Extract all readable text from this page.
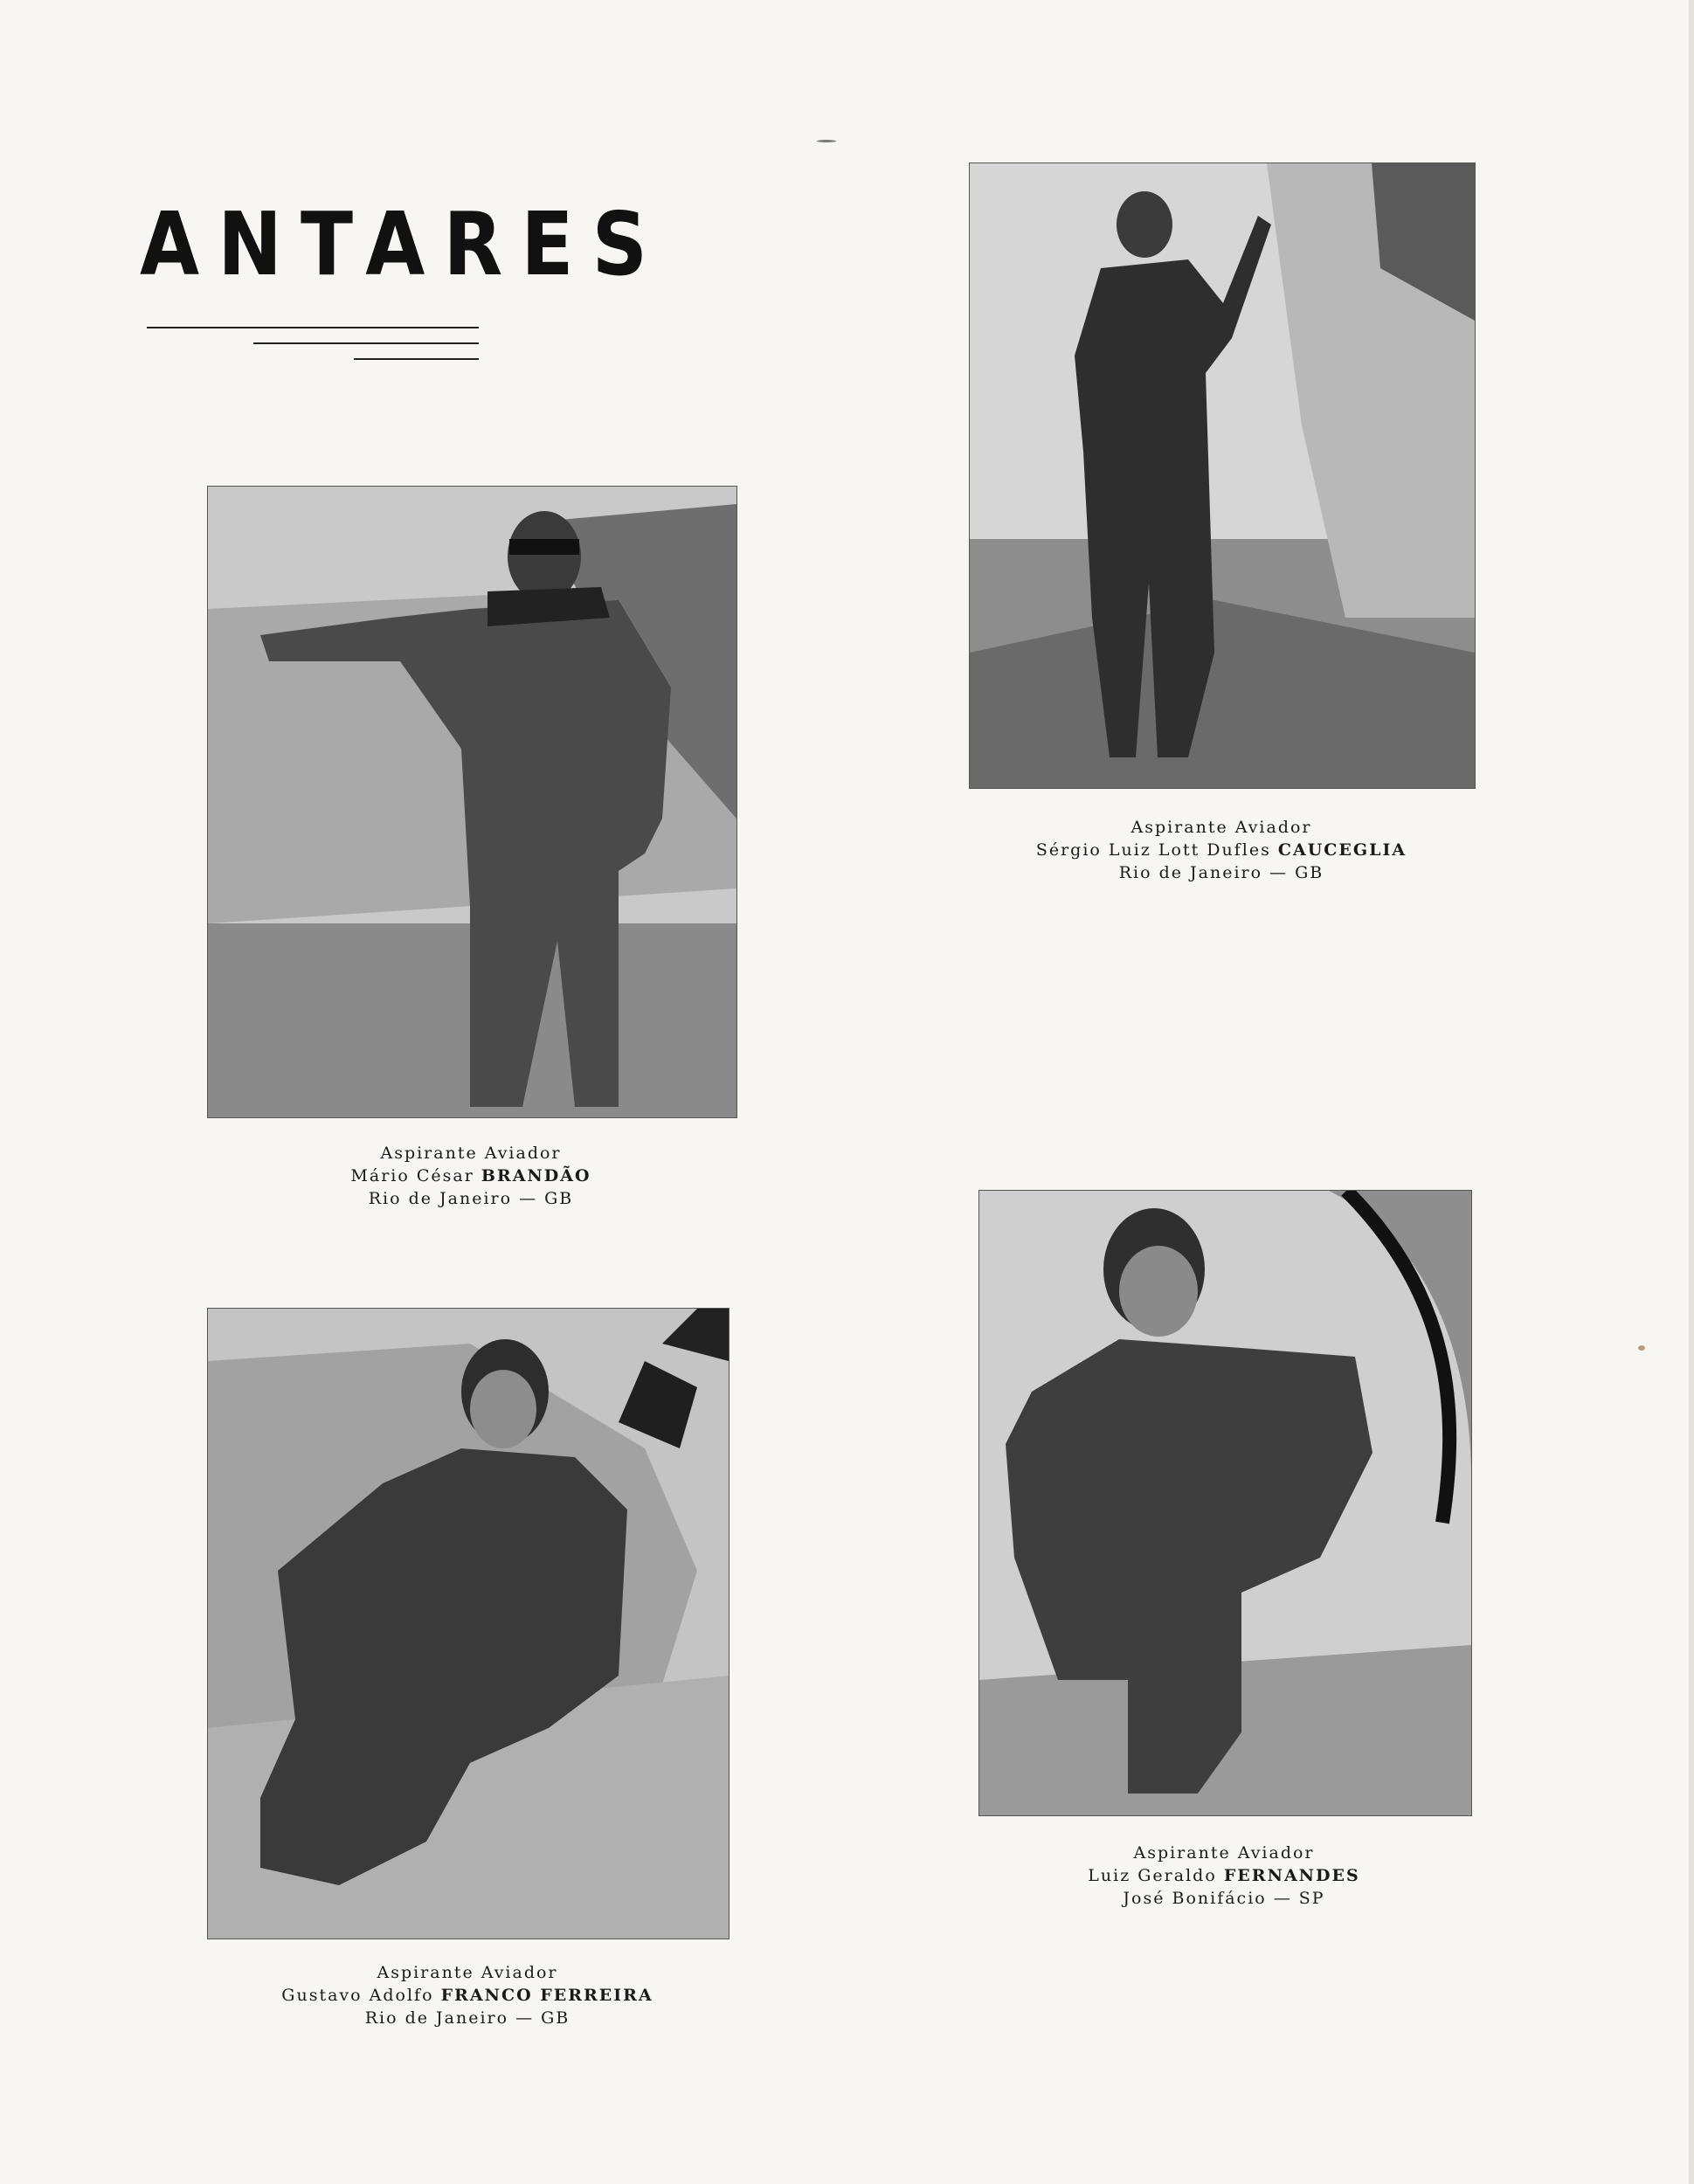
ANTARES
Aspirante Aviador
Sérgio Luiz Lott Dufles CAUCEGLIA
Rio de Janeiro — GB
Aspirante Aviador
Mário César BRANDÃO
Rio de Janeiro — GB
Aspirante Aviador
Luiz Geraldo FERNANDES
José Bonifácio — SP
Aspirante Aviador
Gustavo Adolfo FRANCO FERREIRA
Rio de Janeiro — GB
